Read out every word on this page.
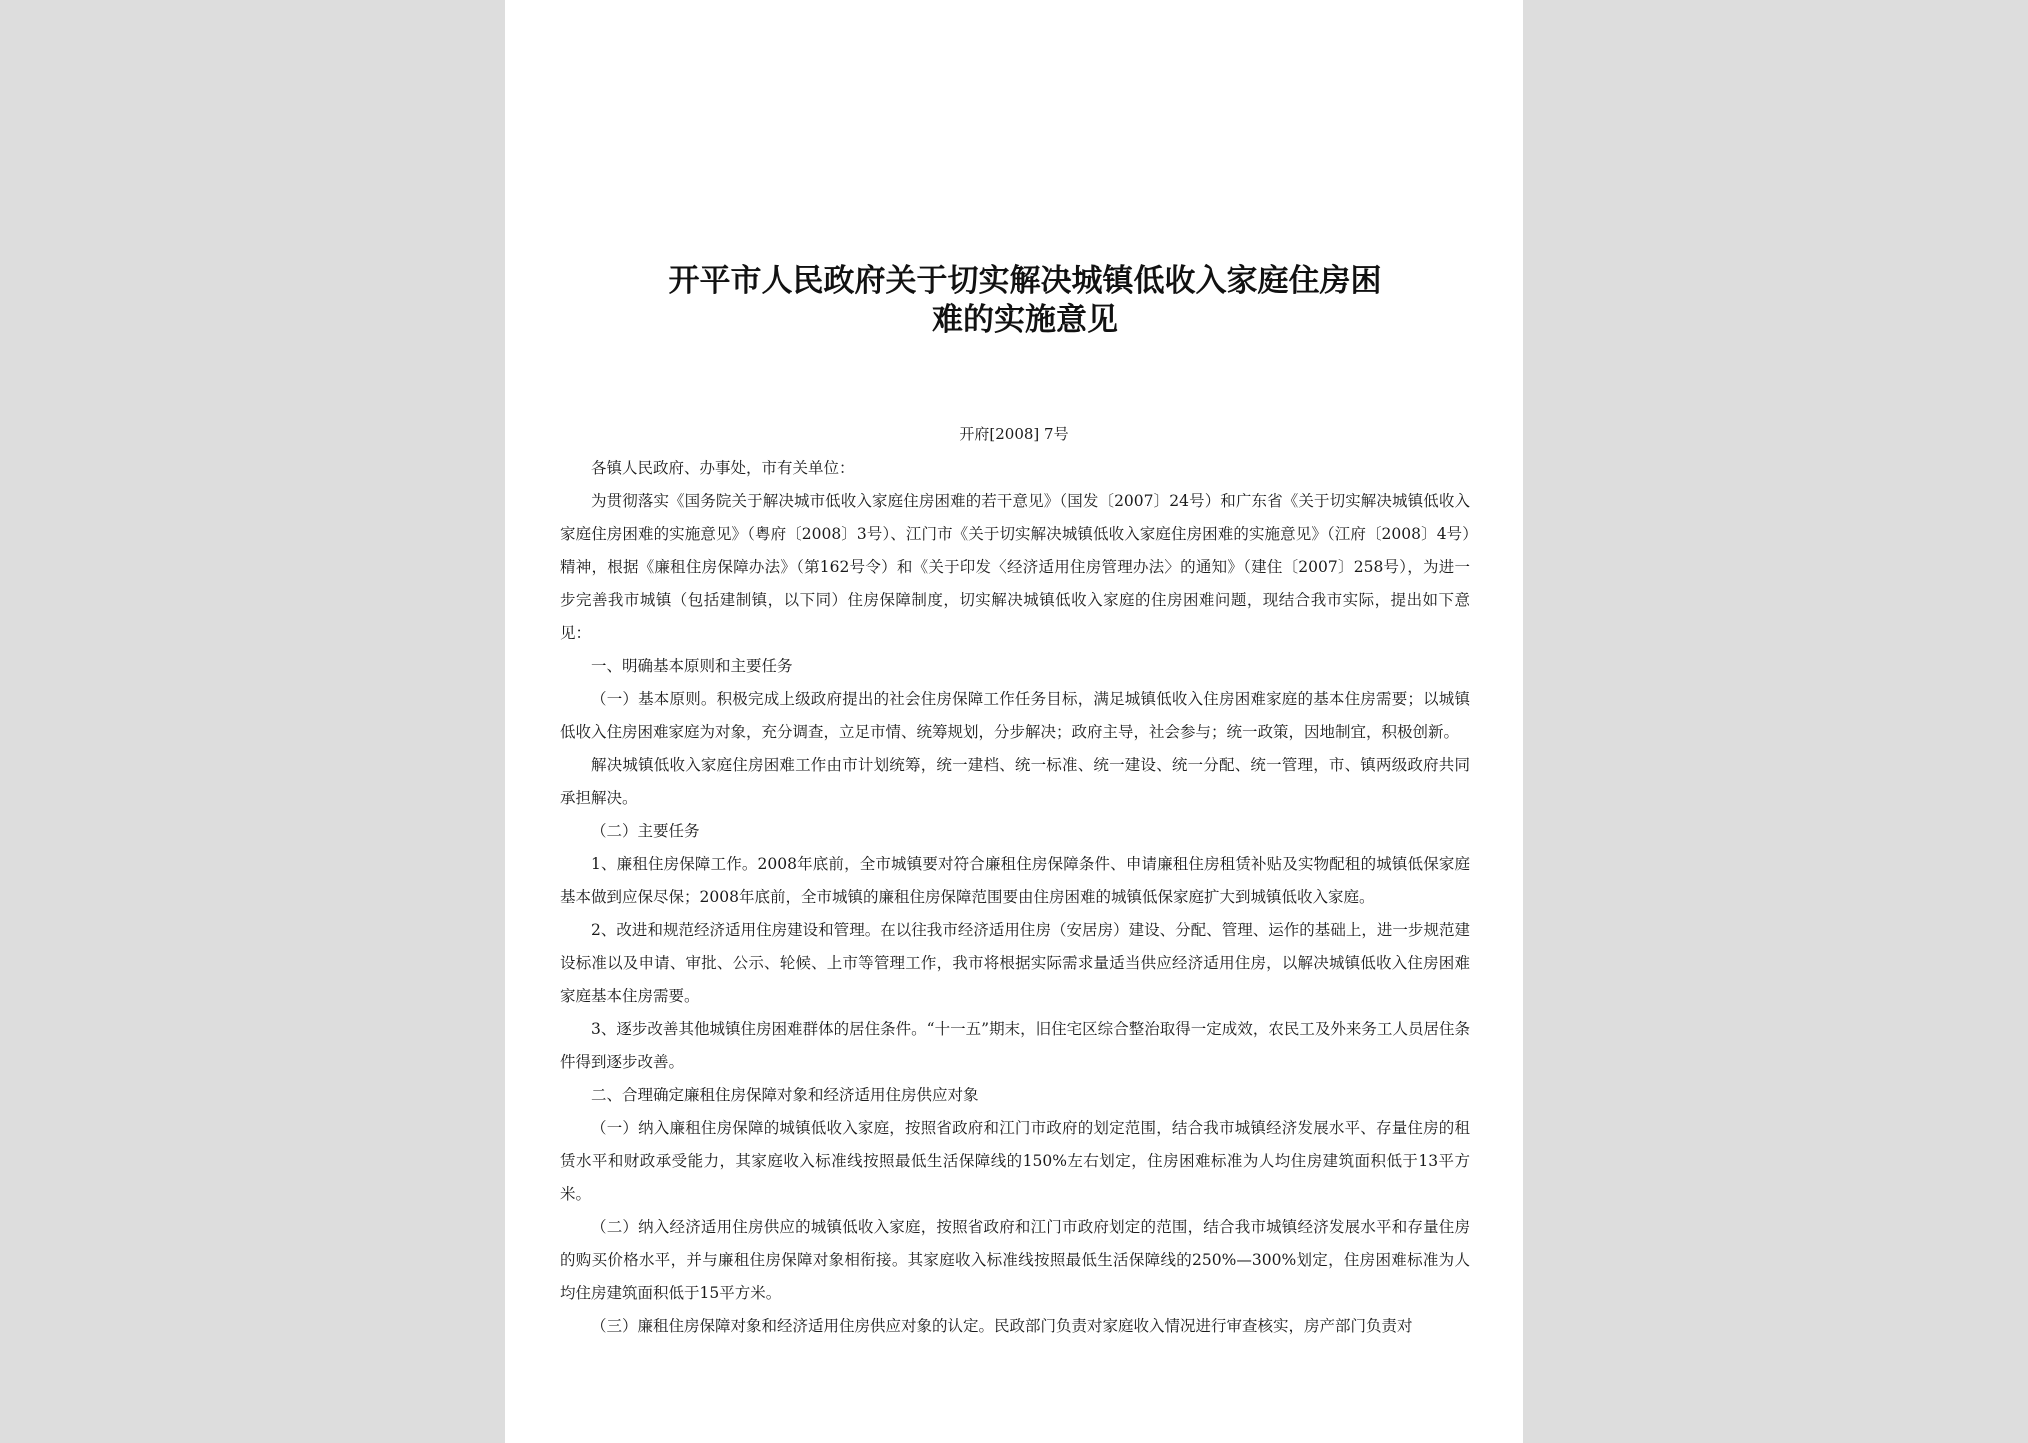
开平市人民政府关于切实解决城镇低收入家庭住房困
难的实施意见
开府[2008] 7号

各镇人民政府、办事处，市有关单位：

为贯彻落实《国务院关于解决城市低收入家庭住房困难的若干意见》（国发〔2007〕24号）和广东省《关于切实解决城镇低收入家庭住房困难的实施意见》（粤府〔2008〕3号）、江门市《关于切实解决城镇低收入家庭住房困难的实施意见》（江府〔2008〕4号）精神，根据《廉租住房保障办法》（第162号令）和《关于印发〈经济适用住房管理办法〉的通知》（建住〔2007〕258号），为进一步完善我市城镇（包括建制镇，以下同）住房保障制度，切实解决城镇低收入家庭的住房困难问题，现结合我市实际，提出如下意见：

一、明确基本原则和主要任务

（一）基本原则。积极完成上级政府提出的社会住房保障工作任务目标，满足城镇低收入住房困难家庭的基本住房需要；以城镇低收入住房困难家庭为对象，充分调查，立足市情、统筹规划，分步解决；政府主导，社会参与；统一政策，因地制宜，积极创新。

解决城镇低收入家庭住房困难工作由市计划统筹，统一建档、统一标准、统一建设、统一分配、统一管理，市、镇两级政府共同承担解决。

（二）主要任务

1、廉租住房保障工作。2008年底前，全市城镇要对符合廉租住房保障条件、申请廉租住房租赁补贴及实物配租的城镇低保家庭基本做到应保尽保；2008年底前，全市城镇的廉租住房保障范围要由住房困难的城镇低保家庭扩大到城镇低收入家庭。

2、改进和规范经济适用住房建设和管理。在以往我市经济适用住房（安居房）建设、分配、管理、运作的基础上，进一步规范建设标准以及申请、审批、公示、轮候、上市等管理工作，我市将根据实际需求量适当供应经济适用住房，以解决城镇低收入住房困难家庭基本住房需要。

3、逐步改善其他城镇住房困难群体的居住条件。“十一五”期末，旧住宅区综合整治取得一定成效，农民工及外来务工人员居住条件得到逐步改善。

二、合理确定廉租住房保障对象和经济适用住房供应对象

（一）纳入廉租住房保障的城镇低收入家庭，按照省政府和江门市政府的划定范围，结合我市城镇经济发展水平、存量住房的租赁水平和财政承受能力，其家庭收入标准线按照最低生活保障线的150%左右划定，住房困难标准为人均住房建筑面积低于13平方米。

（二）纳入经济适用住房供应的城镇低收入家庭，按照省政府和江门市政府划定的范围，结合我市城镇经济发展水平和存量住房的购买价格水平，并与廉租住房保障对象相衔接。其家庭收入标准线按照最低生活保障线的250%—300%划定，住房困难标准为人均住房建筑面积低于15平方米。

（三）廉租住房保障对象和经济适用住房供应对象的认定。民政部门负责对家庭收入情况进行审查核实，房产部门负责对
